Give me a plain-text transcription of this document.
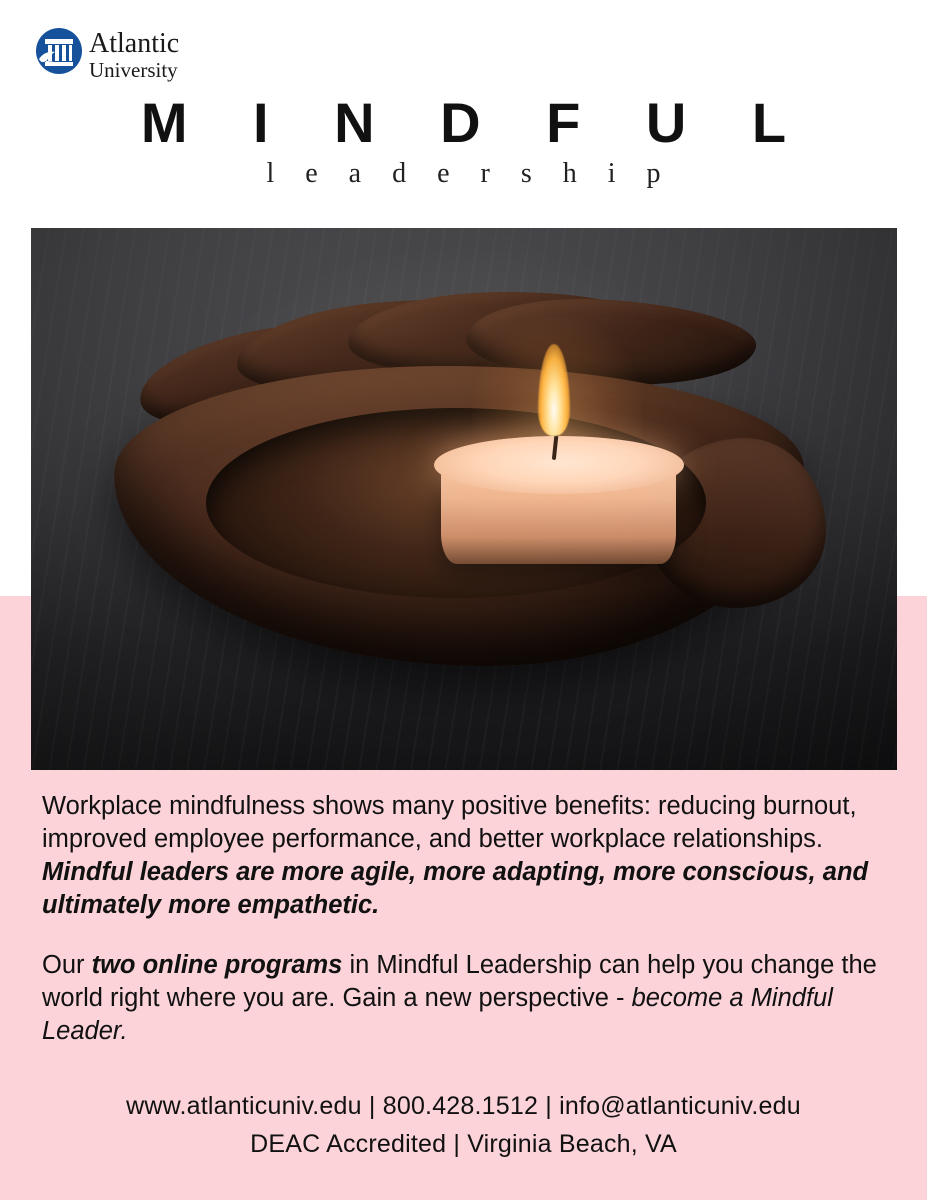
Atlantic
University
M I N D F U L
l e a d e r s h i p

Workplace mindfulness shows many positive benefits: reducing burnout, improved employee performance, and better workplace relationships. Mindful leaders are more agile, more adapting, more conscious, and ultimately more empathetic.

Our two online programs in Mindful Leadership can help you change the world right where you are. Gain a new perspective - become a Mindful Leader.

www.atlanticuniv.edu | 800.428.1512 | info@atlanticuniv.edu
DEAC Accredited | Virginia Beach, VA
